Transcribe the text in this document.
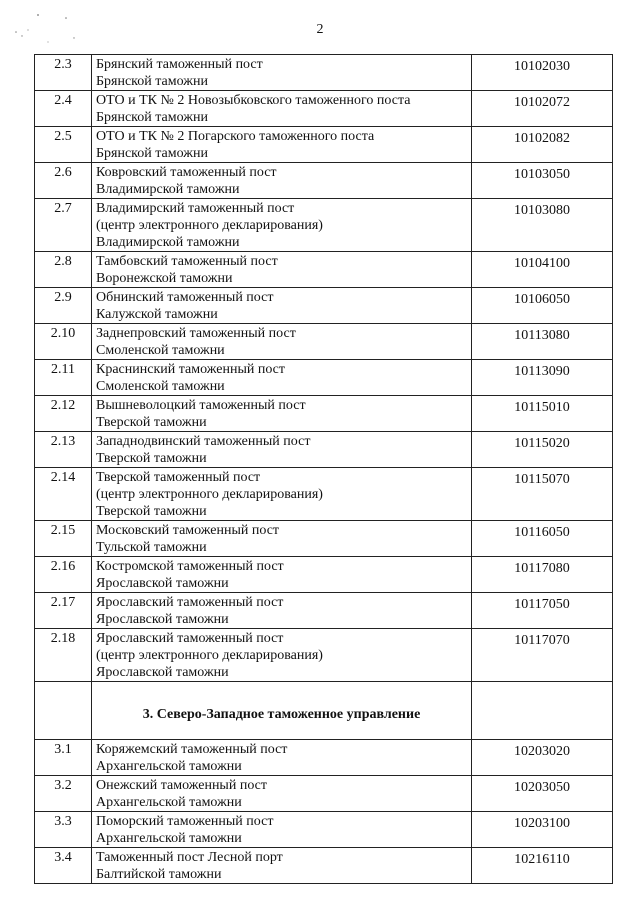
2
2.3	Брянский таможенный пост
Брянской таможни	10102030

2.4	ОТО и ТК № 2 Новозыбковского таможенного поста
Брянской таможни	10102072

2.5	ОТО и ТК № 2 Погарского таможенного поста
Брянской таможни	10102082

2.6	Ковровский таможенный пост
Владимирской таможни	10103050

2.7	Владимирский таможенный пост
(центр электронного декларирования)
Владимирской таможни	10103080

2.8	Тамбовский таможенный пост
Воронежской таможни	10104100

2.9	Обнинский таможенный пост
Калужской таможни	10106050

2.10	Заднепровский таможенный пост
Смоленской таможни	10113080

2.11	Краснинский таможенный пост
Смоленской таможни	10113090

2.12	Вышневолоцкий таможенный пост
Тверской таможни	10115010

2.13	Западнодвинский таможенный пост
Тверской таможни	10115020

2.14	Тверской таможенный пост
(центр электронного декларирования)
Тверской таможни	10115070

2.15	Московский таможенный пост
Тульской таможни	10116050

2.16	Костромской таможенный пост
Ярославской таможни	10117080

2.17	Ярославский таможенный пост
Ярославской таможни	10117050

2.18	Ярославский таможенный пост
(центр электронного декларирования)
Ярославской таможни	10117070

	3. Северо-Западное таможенное управление	
3.1	Коряжемский таможенный пост
Архангельской таможни	10203020

3.2	Онежский таможенный пост
Архангельской таможни	10203050

3.3	Поморский таможенный пост
Архангельской таможни	10203100

3.4	Таможенный пост Лесной порт
Балтийской таможни	10216110
